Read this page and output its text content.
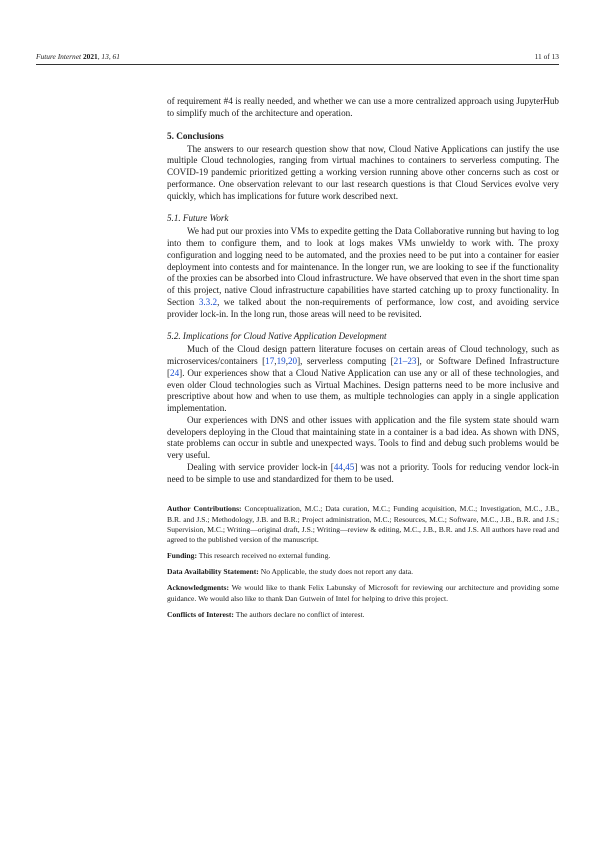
Future Internet 2021, 13, 61	11 of 13

of requirement #4 is really needed, and whether we can use a more centralized approach using JupyterHub to simplify much of the architecture and operation.

5. Conclusions

The answers to our research question show that now, Cloud Native Applications can justify the use multiple Cloud technologies, ranging from virtual machines to containers to serverless computing. The COVID-19 pandemic prioritized getting a working version running above other concerns such as cost or performance. One observation relevant to our last research questions is that Cloud Services evolve very quickly, which has implications for future work described next.

5.1. Future Work

We had put our proxies into VMs to expedite getting the Data Collaborative running but having to log into them to configure them, and to look at logs makes VMs unwieldy to work with. The proxy configuration and logging need to be automated, and the proxies need to be put into a container for easier deployment into contests and for maintenance. In the longer run, we are looking to see if the functionality of the proxies can be absorbed into Cloud infrastructure. We have observed that even in the short time span of this project, native Cloud infrastructure capabilities have started catching up to proxy functionality. In Section 3.3.2, we talked about the non-requirements of performance, low cost, and avoiding service provider lock-in. In the long run, those areas will need to be revisited.

5.2. Implications for Cloud Native Application Development

Much of the Cloud design pattern literature focuses on certain areas of Cloud technology, such as microservices/containers [17,19,20], serverless computing [21–23], or Software Defined Infrastructure [24]. Our experiences show that a Cloud Native Application can use any or all of these technologies, and even older Cloud technologies such as Virtual Machines. Design patterns need to be more inclusive and prescriptive about how and when to use them, as multiple technologies can apply in a single application implementation.

Our experiences with DNS and other issues with application and the file system state should warn developers deploying in the Cloud that maintaining state in a container is a bad idea. As shown with DNS, state problems can occur in subtle and unexpected ways. Tools to find and debug such problems would be very useful.

Dealing with service provider lock-in [44,45] was not a priority. Tools for reducing vendor lock-in need to be simple to use and standardized for them to be used.

Author Contributions: Conceptualization, M.C.; Data curation, M.C.; Funding acquisition, M.C.; Investigation, M.C., J.B., B.R. and J.S.; Methodology, J.B. and B.R.; Project administration, M.C.; Resources, M.C.; Software, M.C., J.B., B.R. and J.S.; Supervision, M.C.; Writing—original draft, J.S.; Writing—review & editing, M.C., J.B., B.R. and J.S. All authors have read and agreed to the published version of the manuscript.

Funding: This research received no external funding.

Data Availability Statement: No Applicable, the study does not report any data.

Acknowledgments: We would like to thank Felix Labunsky of Microsoft for reviewing our architecture and providing some guidance. We would also like to thank Dan Gutwein of Intel for helping to drive this project.

Conflicts of Interest: The authors declare no conflict of interest.
